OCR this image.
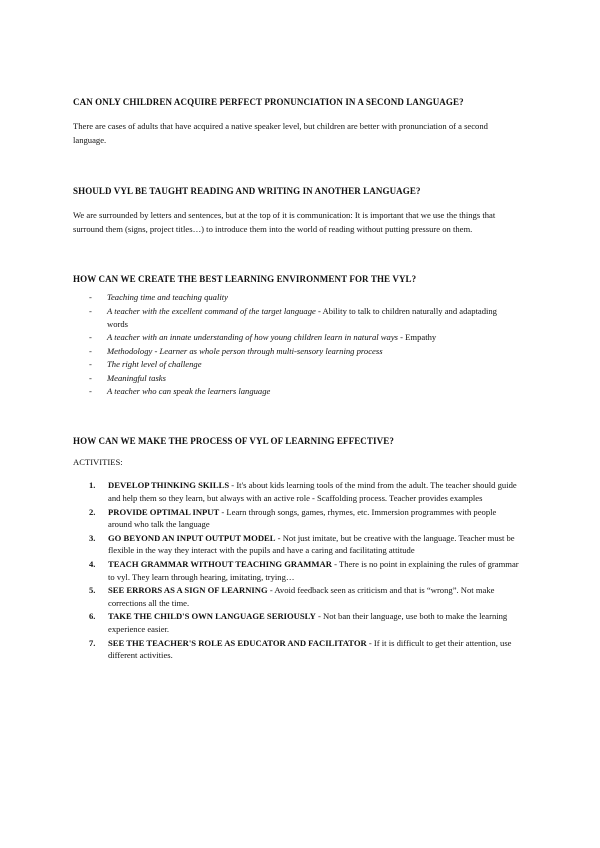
CAN ONLY CHILDREN ACQUIRE PERFECT PRONUNCIATION IN A SECOND LANGUAGE?

There are cases of adults that have acquired a native speaker level, but children are better with pronunciation of a second language.

SHOULD VYL BE TAUGHT READING AND WRITING IN ANOTHER LANGUAGE?

We are surrounded by letters and sentences, but at the top of it is communication: It is important that we use the things that surround them (signs, project titles…) to introduce them into the world of reading without putting pressure on them.

HOW CAN WE CREATE THE BEST LEARNING ENVIRONMENT FOR THE VYL?
- Teaching time and teaching quality
- A teacher with the excellent command of the target language - Ability to talk to children naturally and adaptading words
- A teacher with an innate understanding of how young children learn in natural ways - Empathy
- Methodology - Learner as whole person through multi-sensory learning process
- The right level of challenge
- Meaningful tasks
- A teacher who can speak the learners language
HOW CAN WE MAKE THE PROCESS OF VYL OF LEARNING EFFECTIVE?

ACTIVITIES:

1. DEVELOP THINKING SKILLS - It's about kids learning tools of the mind from the adult. The teacher should guide and help them so they learn, but always with an active role - Scaffolding process. Teacher provides examples
2. PROVIDE OPTIMAL INPUT - Learn through songs, games, rhymes, etc. Immersion programmes with people around who talk the language
3. GO BEYOND AN INPUT OUTPUT MODEL - Not just imitate, but be creative with the language. Teacher must be flexible in the way they interact with the pupils and have a caring and facilitating attitude
4. TEACH GRAMMAR WITHOUT TEACHING GRAMMAR - There is no point in explaining the rules of grammar to vyl. They learn through hearing, imitating, trying…
5. SEE ERRORS AS A SIGN OF LEARNING - Avoid feedback seen as criticism and that is “wrong”. Not make corrections all the time.
6. TAKE THE CHILD'S OWN LANGUAGE SERIOUSLY - Not ban their language, use both to make the learning experience easier.
7. SEE THE TEACHER'S ROLE AS EDUCATOR AND FACILITATOR - If it is difficult to get their attention, use different activities.
